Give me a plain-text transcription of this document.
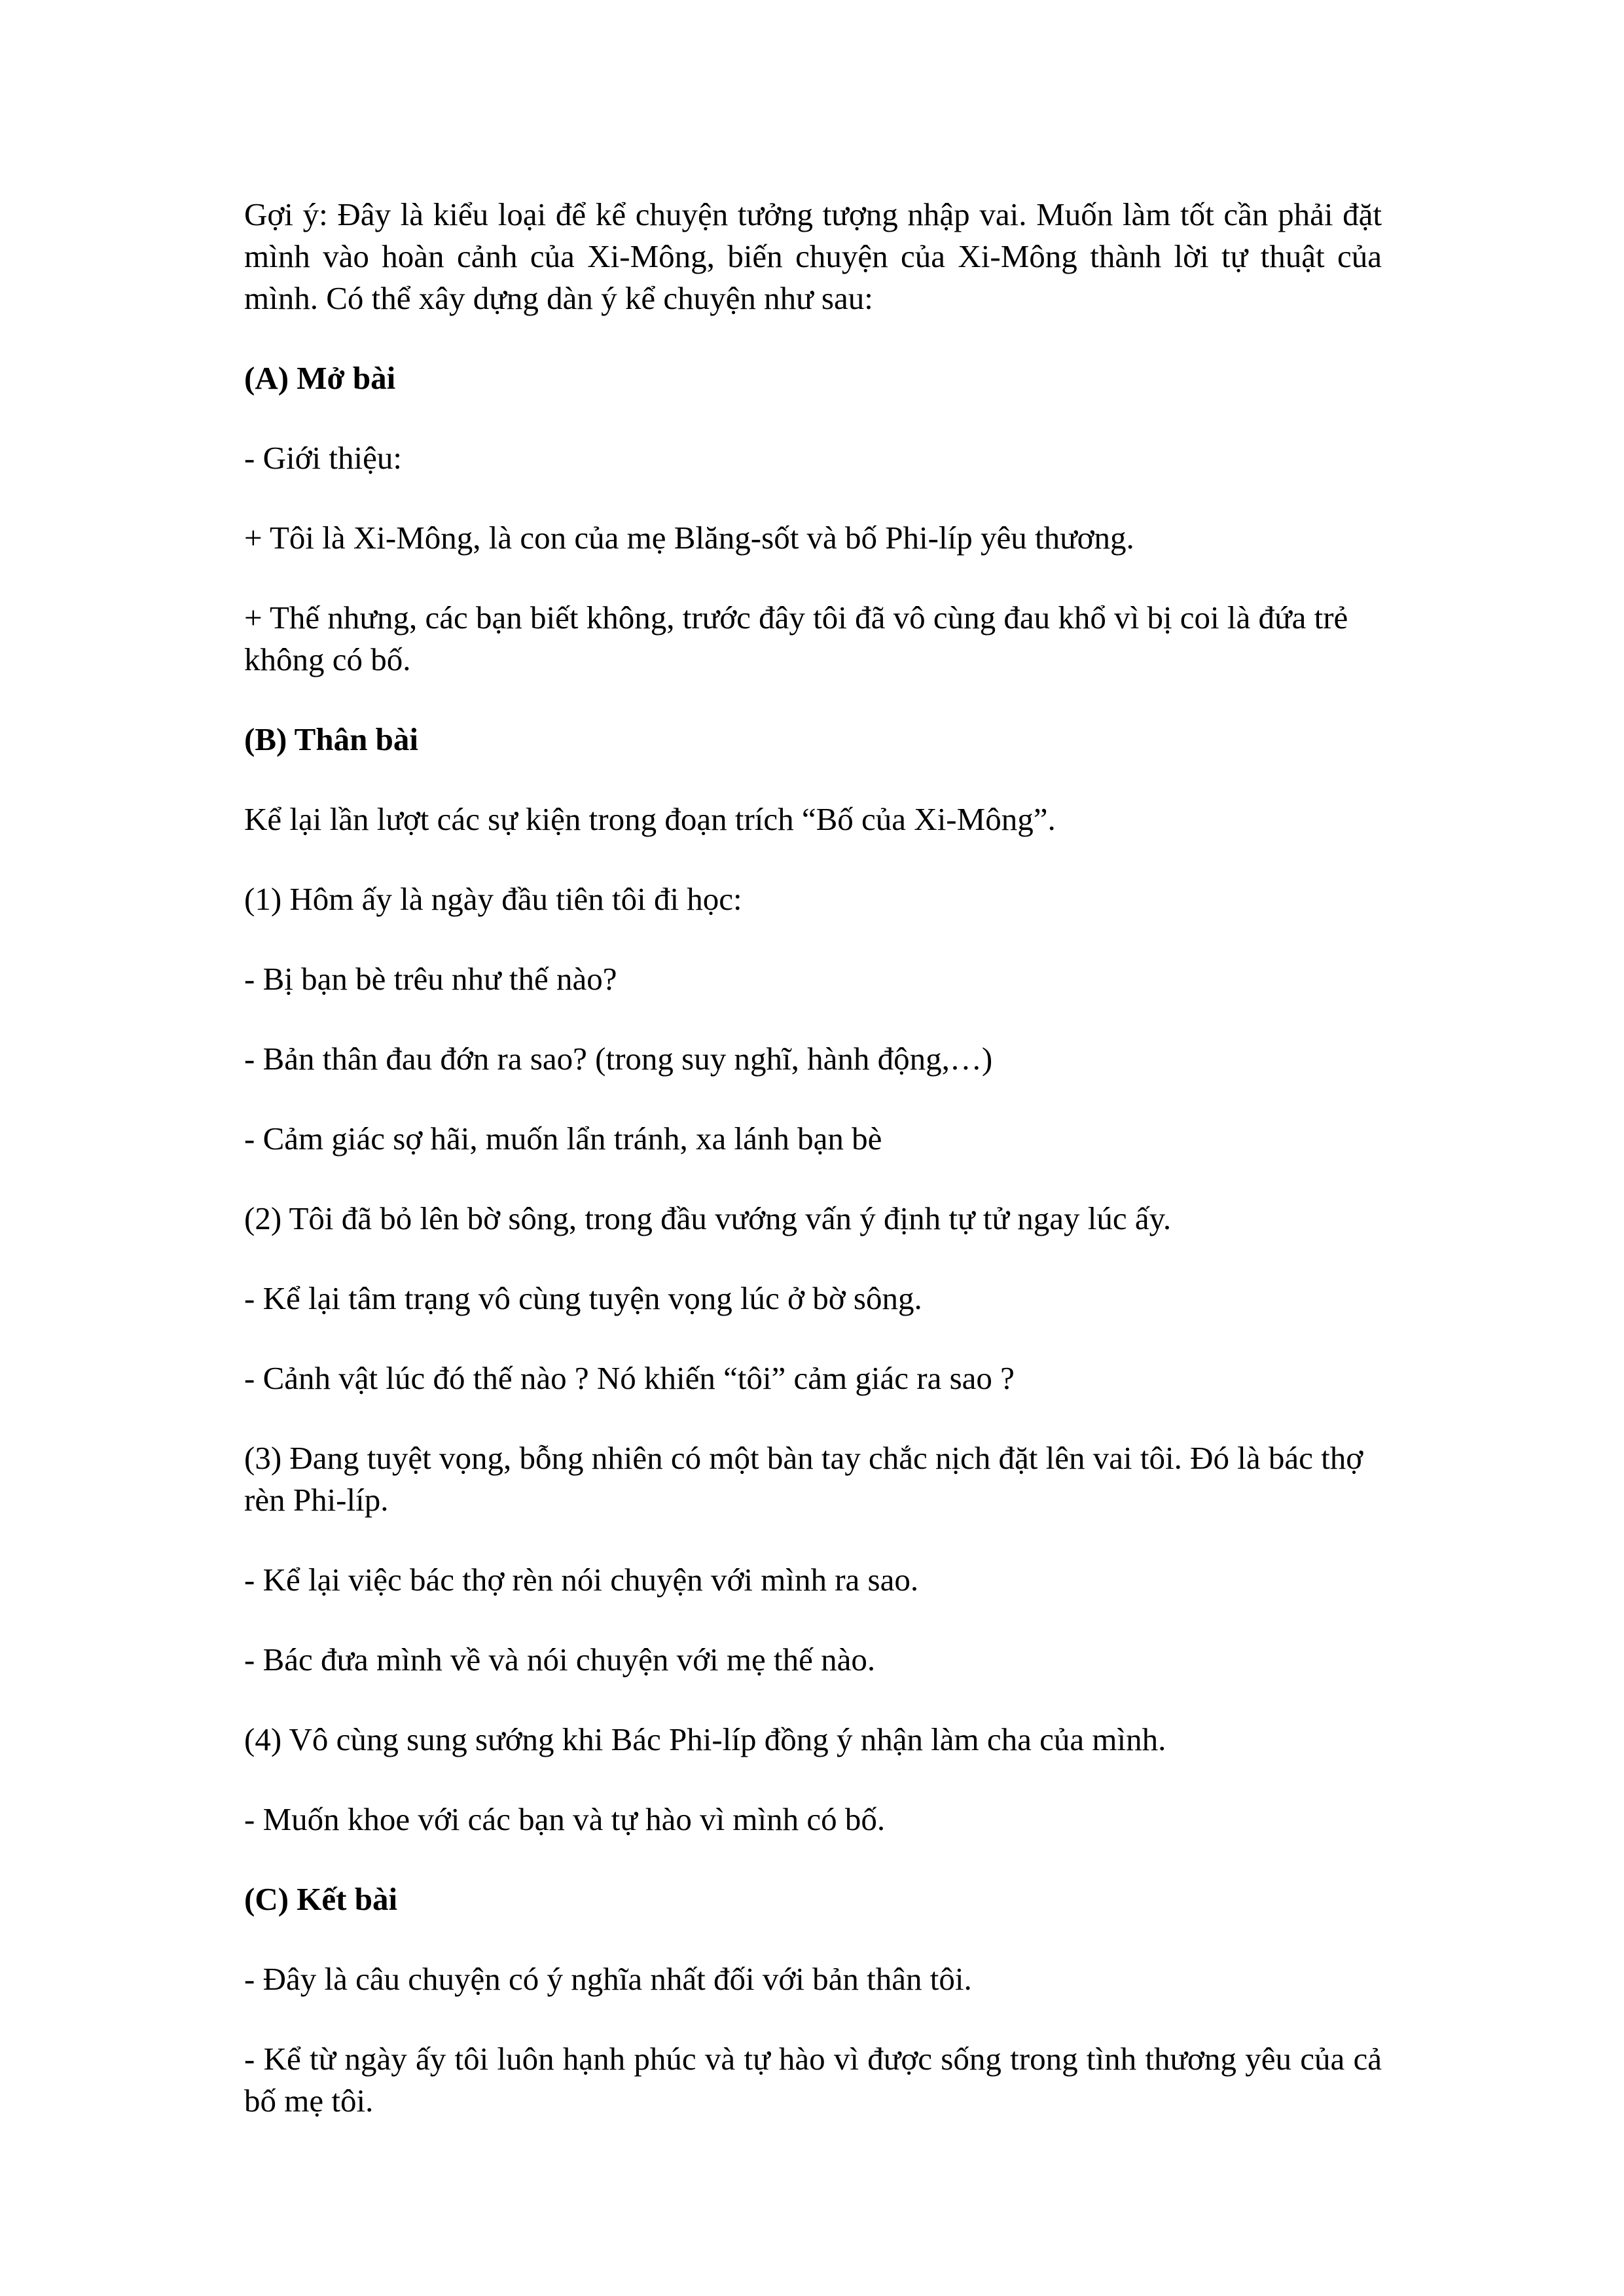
Gợi ý: Đây là kiểu loại để kể chuyện tưởng tượng nhập vai. Muốn làm tốt cần phải đặt mình vào hoàn cảnh của Xi-Mông, biến chuyện của Xi-Mông thành lời tự thuật của mình. Có thể xây dựng dàn ý kể chuyện như sau:

(A) Mở bài

- Giới thiệu:

+ Tôi là Xi-Mông, là con của mẹ Blăng-sốt và bố Phi-líp yêu thương.

+ Thế nhưng, các bạn biết không, trước đây tôi đã vô cùng đau khổ vì bị coi là đứa trẻ không có bố.

(B) Thân bài

Kể lại lần lượt các sự kiện trong đoạn trích “Bố của Xi-Mông”.

(1) Hôm ấy là ngày đầu tiên tôi đi học:

- Bị bạn bè trêu như thế nào?

- Bản thân đau đớn ra sao? (trong suy nghĩ, hành động,…)

- Cảm giác sợ hãi, muốn lẩn tránh, xa lánh bạn bè

(2) Tôi đã bỏ lên bờ sông, trong đầu vướng vấn ý định tự tử ngay lúc ấy.

- Kể lại tâm trạng vô cùng tuyện vọng lúc ở bờ sông.

- Cảnh vật lúc đó thế nào ? Nó khiến “tôi” cảm giác ra sao ?

(3) Đang tuyệt vọng, bỗng nhiên có một bàn tay chắc nịch đặt lên vai tôi. Đó là bác thợ rèn Phi-líp.

- Kể lại việc bác thợ rèn nói chuyện với mình ra sao.

- Bác đưa mình về và nói chuyện với mẹ thế nào.

(4) Vô cùng sung sướng khi Bác Phi-líp đồng ý nhận làm cha của mình.

- Muốn khoe với các bạn và tự hào vì mình có bố.

(C) Kết bài

- Đây là câu chuyện có ý nghĩa nhất đối với bản thân tôi.

- Kể từ ngày ấy tôi luôn hạnh phúc và tự hào vì được sống trong tình thương yêu của cả bố mẹ tôi.
